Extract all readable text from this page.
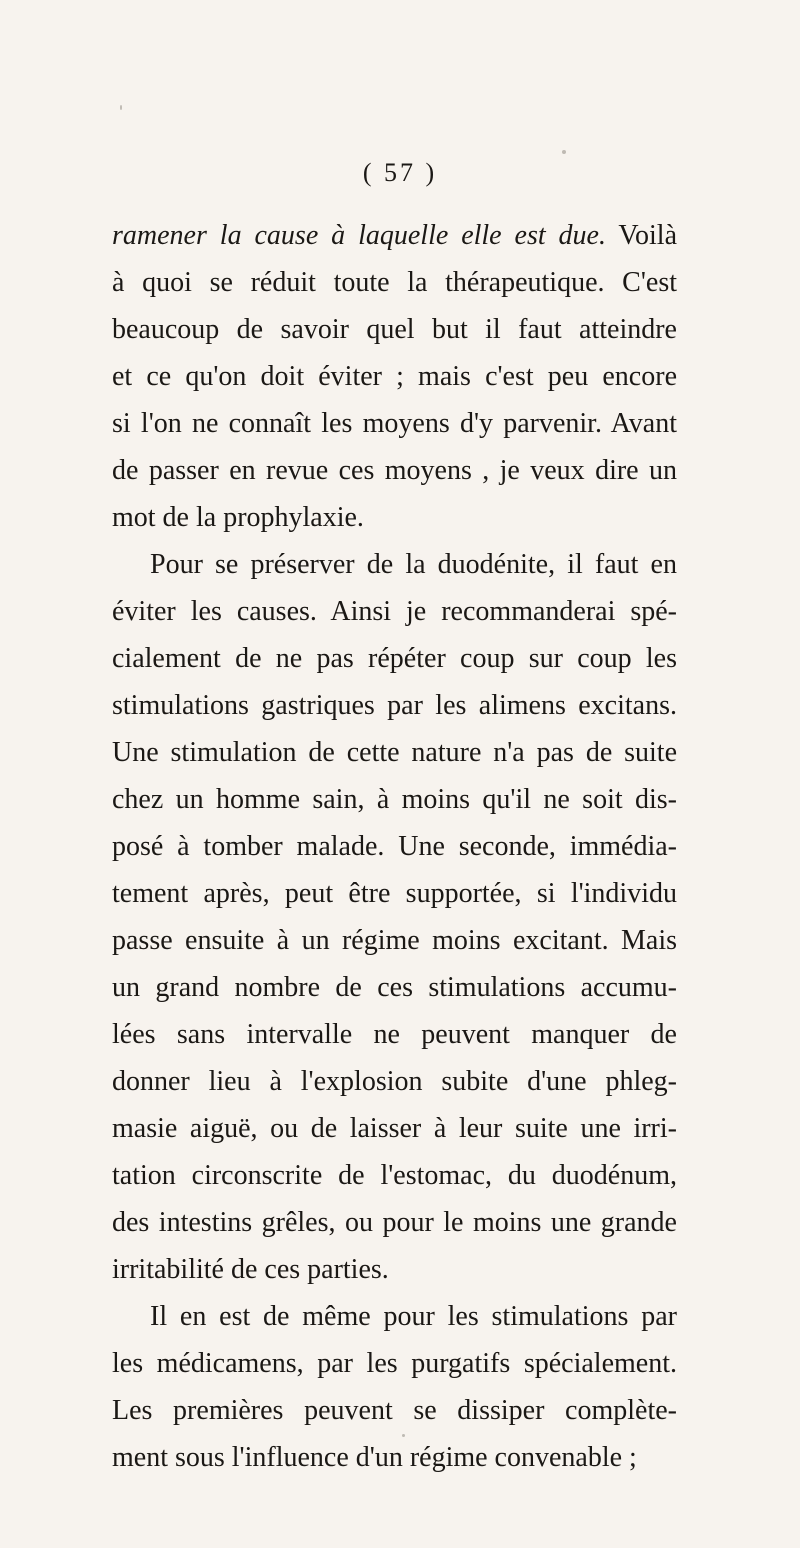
( 57 )
ramener la cause à laquelle elle est due. Voilà
à quoi se réduit toute la thérapeutique. C'est
beaucoup de savoir quel but il faut atteindre
et ce qu'on doit éviter ; mais c'est peu encore
si l'on ne connaît les moyens d'y parvenir. Avant
de passer en revue ces moyens , je veux dire un
mot de la prophylaxie.
Pour se préserver de la duodénite, il faut en
éviter les causes. Ainsi je recommanderai spé-
cialement de ne pas répéter coup sur coup les
stimulations gastriques par les alimens excitans.
Une stimulation de cette nature n'a pas de suite
chez un homme sain, à moins qu'il ne soit dis-
posé à tomber malade. Une seconde, immédia-
tement après, peut être supportée, si l'individu
passe ensuite à un régime moins excitant. Mais
un grand nombre de ces stimulations accumu-
lées sans intervalle ne peuvent manquer de
donner lieu à l'explosion subite d'une phleg-
masie aiguë, ou de laisser à leur suite une irri-
tation circonscrite de l'estomac, du duodénum,
des intestins grêles, ou pour le moins une grande
irritabilité de ces parties.
Il en est de même pour les stimulations par
les médicamens, par les purgatifs spécialement.
Les premières peuvent se dissiper complète-
ment sous l'influence d'un régime convenable ;
